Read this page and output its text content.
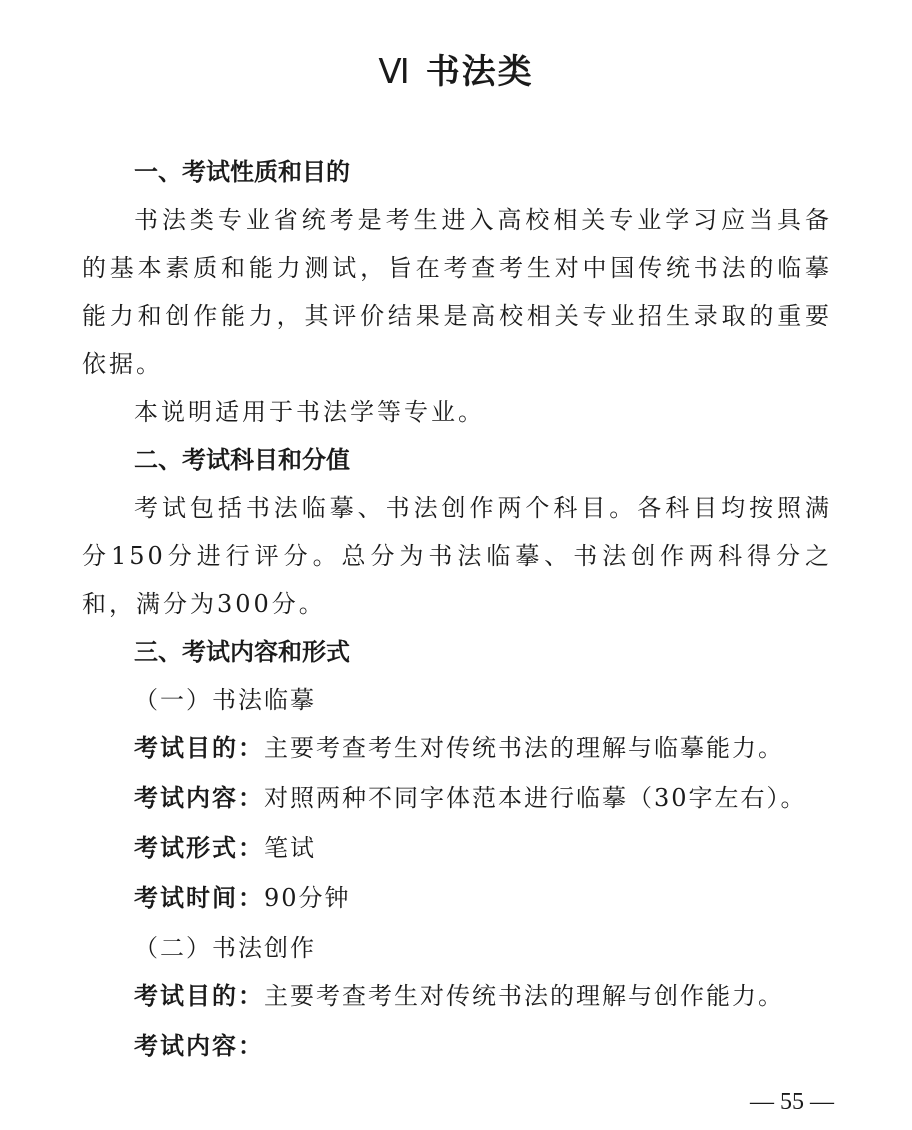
Ⅵ 书法类
一、考试性质和目的

书法类专业省统考是考生进入高校相关专业学习应当具备的基本素质和能力测试，旨在考查考生对中国传统书法的临摹能力和创作能力，其评价结果是高校相关专业招生录取的重要依据。

本说明适用于书法学等专业。

二、考试科目和分值

考试包括书法临摹、书法创作两个科目。各科目均按照满分150分进行评分。总分为书法临摹、书法创作两科得分之和，满分为300分。

三、考试内容和形式

（一）书法临摹

考试目的：主要考查考生对传统书法的理解与临摹能力。

考试内容：对照两种不同字体范本进行临摹（30字左右）。

考试形式：笔试

考试时间：90分钟

（二）书法创作

考试目的：主要考查考生对传统书法的理解与创作能力。

考试内容：

— 55 —
